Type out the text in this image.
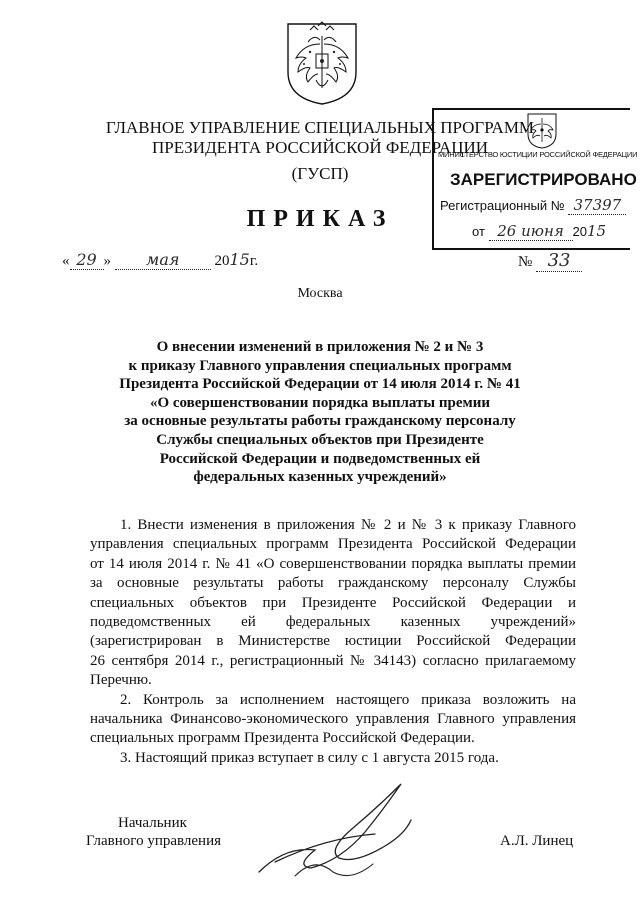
ГЛАВНОЕ УПРАВЛЕНИЕ СПЕЦИАЛЬНЫХ ПРОГРАММ
ПРЕЗИДЕНТА РОССИЙСКОЙ ФЕДЕРАЦИИ
(ГУСП)
ПРИКАЗ
МИНИСТЕРСТВО ЮСТИЦИИ РОССИЙСКОЙ ФЕДЕРАЦИИ
ЗАРЕГИСТРИРОВАНО
Регистрационный № 37397
от 26 июня 2015
« 29 » мая 2015г.	№ 33
Москва
О внесении изменений в приложения № 2 и № 3
к приказу Главного управления специальных программ
Президента Российской Федерации от 14 июля 2014 г. № 41
«О совершенствовании порядка выплаты премии
за основные результаты работы гражданскому персоналу
Службы специальных объектов при Президенте
Российской Федерации и подведомственных ей
федеральных казенных учреждений»
1. Внести изменения в приложения № 2 и № 3 к приказу Главного
управления специальных программ Президента Российской Федерации
от 14 июля 2014 г. № 41 «О совершенствовании порядка выплаты премии
за основные результаты работы гражданскому персоналу Службы
специальных объектов при Президенте Российской Федерации и
подведомственных ей федеральных казенных учреждений»
(зарегистрирован в Министерстве юстиции Российской Федерации
26 сентября 2014 г., регистрационный № 34143) согласно прилагаемому
Перечню.
2. Контроль за исполнением настоящего приказа возложить на
начальника Финансово-экономического управления Главного управления
специальных программ Президента Российской Федерации.
3. Настоящий приказ вступает в силу с 1 августа 2015 года.
Начальник
Главного управления	А.Л. Линец
